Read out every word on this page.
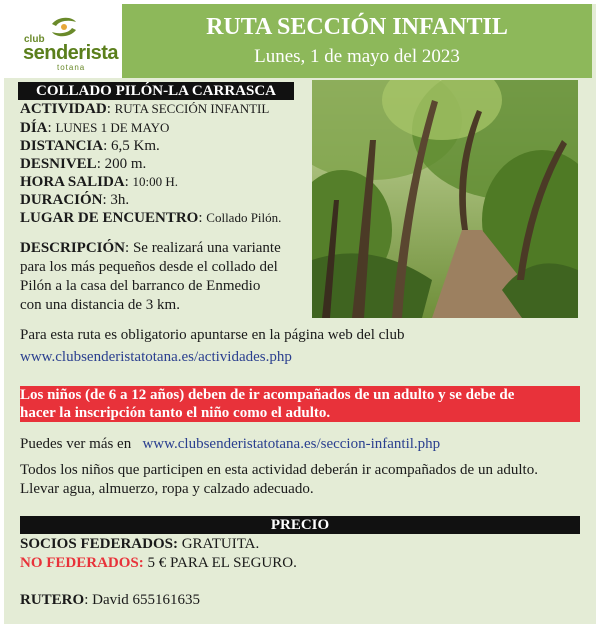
club
senderista
totana
RUTA SECCIÓN INFANTIL
Lunes, 1 de mayo del 2023
COLLADO PILÓN-LA CARRASCA
ACTIVIDAD: RUTA SECCIÓN INFANTIL
DÍA: LUNES 1 DE MAYO
DISTANCIA: 6,5 Km.
DESNIVEL: 200 m.
HORA SALIDA: 10:00 H.
DURACIÓN: 3h.
LUGAR DE ENCUENTRO: Collado Pilón.
DESCRIPCIÓN: Se realizará una variante
para los más pequeños desde el collado del
Pilón a la casa del barranco de Enmedio
con una distancia de 3 km.
Para esta ruta es obligatorio apuntarse en la página web del club
www.clubsenderistatotana.es/actividades.php
Los niños (de 6 a 12 años) deben de ir acompañados de un adulto y se debe de
hacer la inscripción tanto el niño como el adulto.
Puedes ver más en www.clubsenderistatotana.es/seccion-infantil.php
Todos los niños que participen en esta actividad deberán ir acompañados de un adulto.
Llevar agua, almuerzo, ropa y calzado adecuado.
PRECIO
SOCIOS FEDERADOS: GRATUITA.
NO FEDERADOS: 5 € PARA EL SEGURO.
RUTERO: David 655161635
